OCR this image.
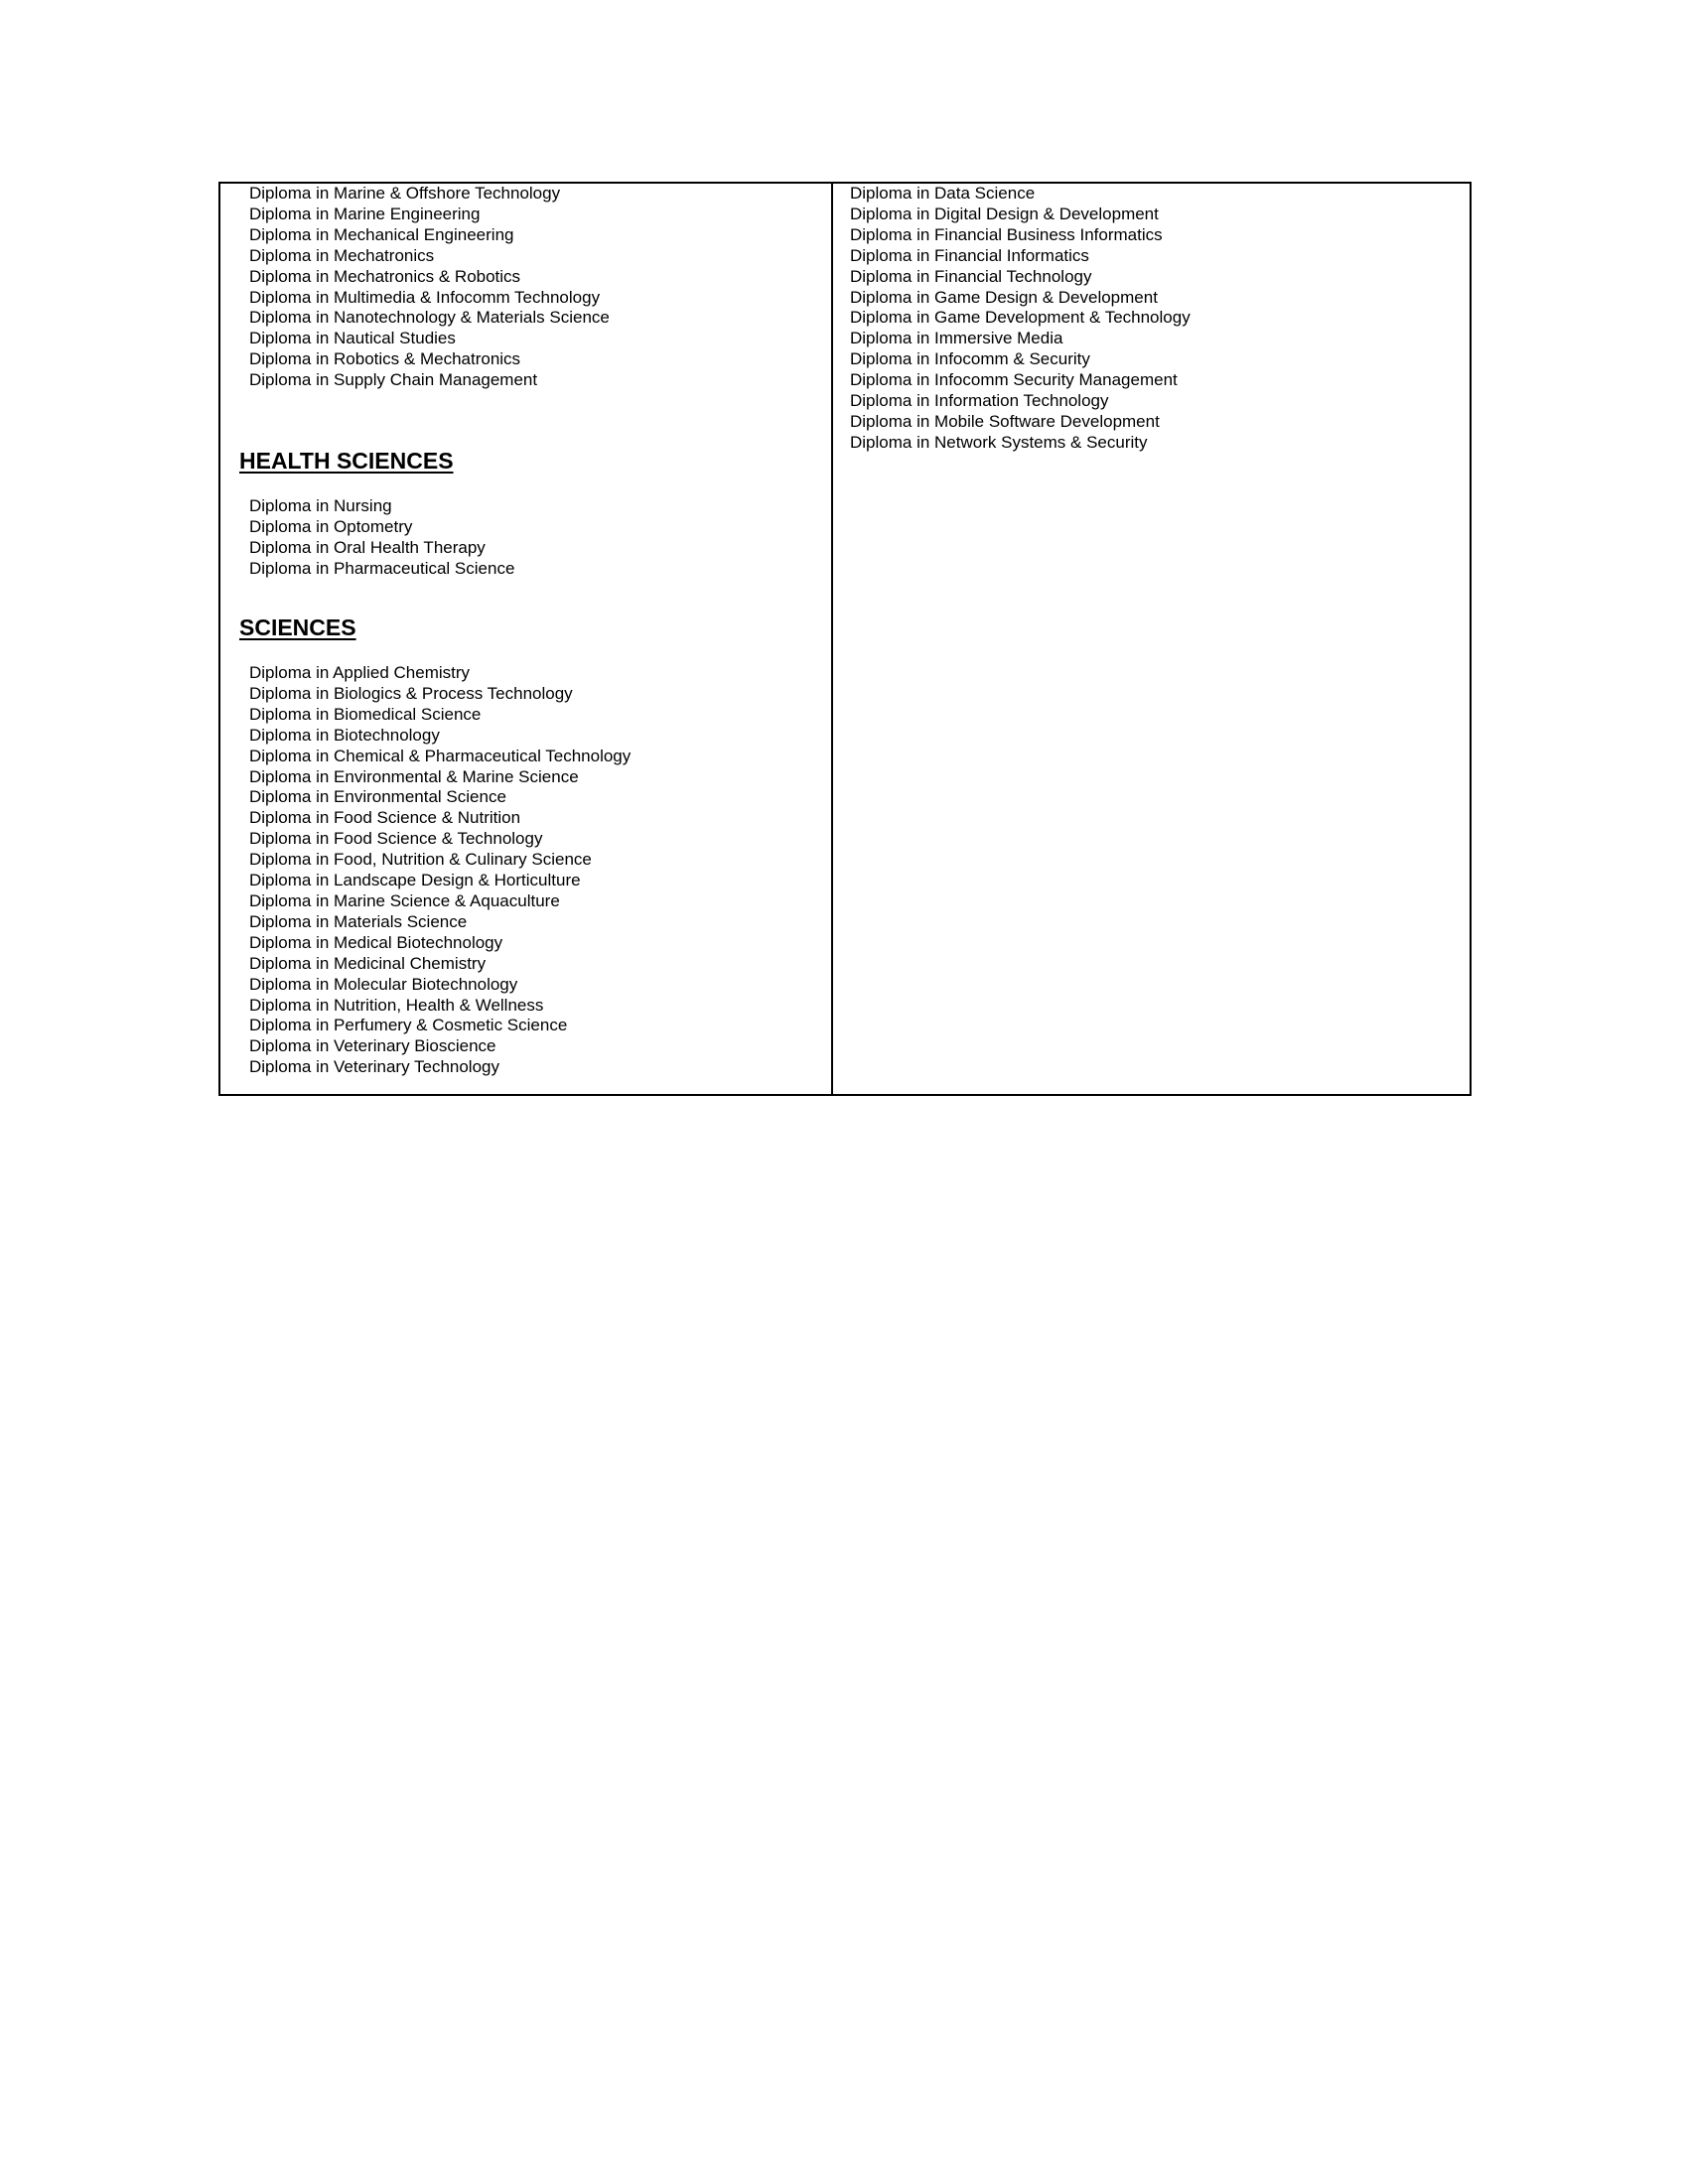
Diploma in Marine & Offshore Technology
Diploma in Marine Engineering
Diploma in Mechanical Engineering
Diploma in Mechatronics
Diploma in Mechatronics & Robotics
Diploma in Multimedia & Infocomm Technology
Diploma in Nanotechnology & Materials Science
Diploma in Nautical Studies
Diploma in Robotics & Mechatronics
Diploma in Supply Chain Management
HEALTH SCIENCES
Diploma in Nursing
Diploma in Optometry
Diploma in Oral Health Therapy
Diploma in Pharmaceutical Science
SCIENCES
Diploma in Applied Chemistry
Diploma in Biologics & Process Technology
Diploma in Biomedical Science
Diploma in Biotechnology
Diploma in Chemical & Pharmaceutical Technology
Diploma in Environmental & Marine Science
Diploma in Environmental Science
Diploma in Food Science & Nutrition
Diploma in Food Science & Technology
Diploma in Food, Nutrition & Culinary Science
Diploma in Landscape Design & Horticulture
Diploma in Marine Science & Aquaculture
Diploma in Materials Science
Diploma in Medical Biotechnology
Diploma in Medicinal Chemistry
Diploma in Molecular Biotechnology
Diploma in Nutrition, Health & Wellness
Diploma in Perfumery & Cosmetic Science
Diploma in Veterinary Bioscience
Diploma in Veterinary Technology
Diploma in Data Science
Diploma in Digital Design & Development
Diploma in Financial Business Informatics
Diploma in Financial Informatics
Diploma in Financial Technology
Diploma in Game Design & Development
Diploma in Game Development & Technology
Diploma in Immersive Media
Diploma in Infocomm & Security
Diploma in Infocomm Security Management
Diploma in Information Technology
Diploma in Mobile Software Development
Diploma in Network Systems & Security
